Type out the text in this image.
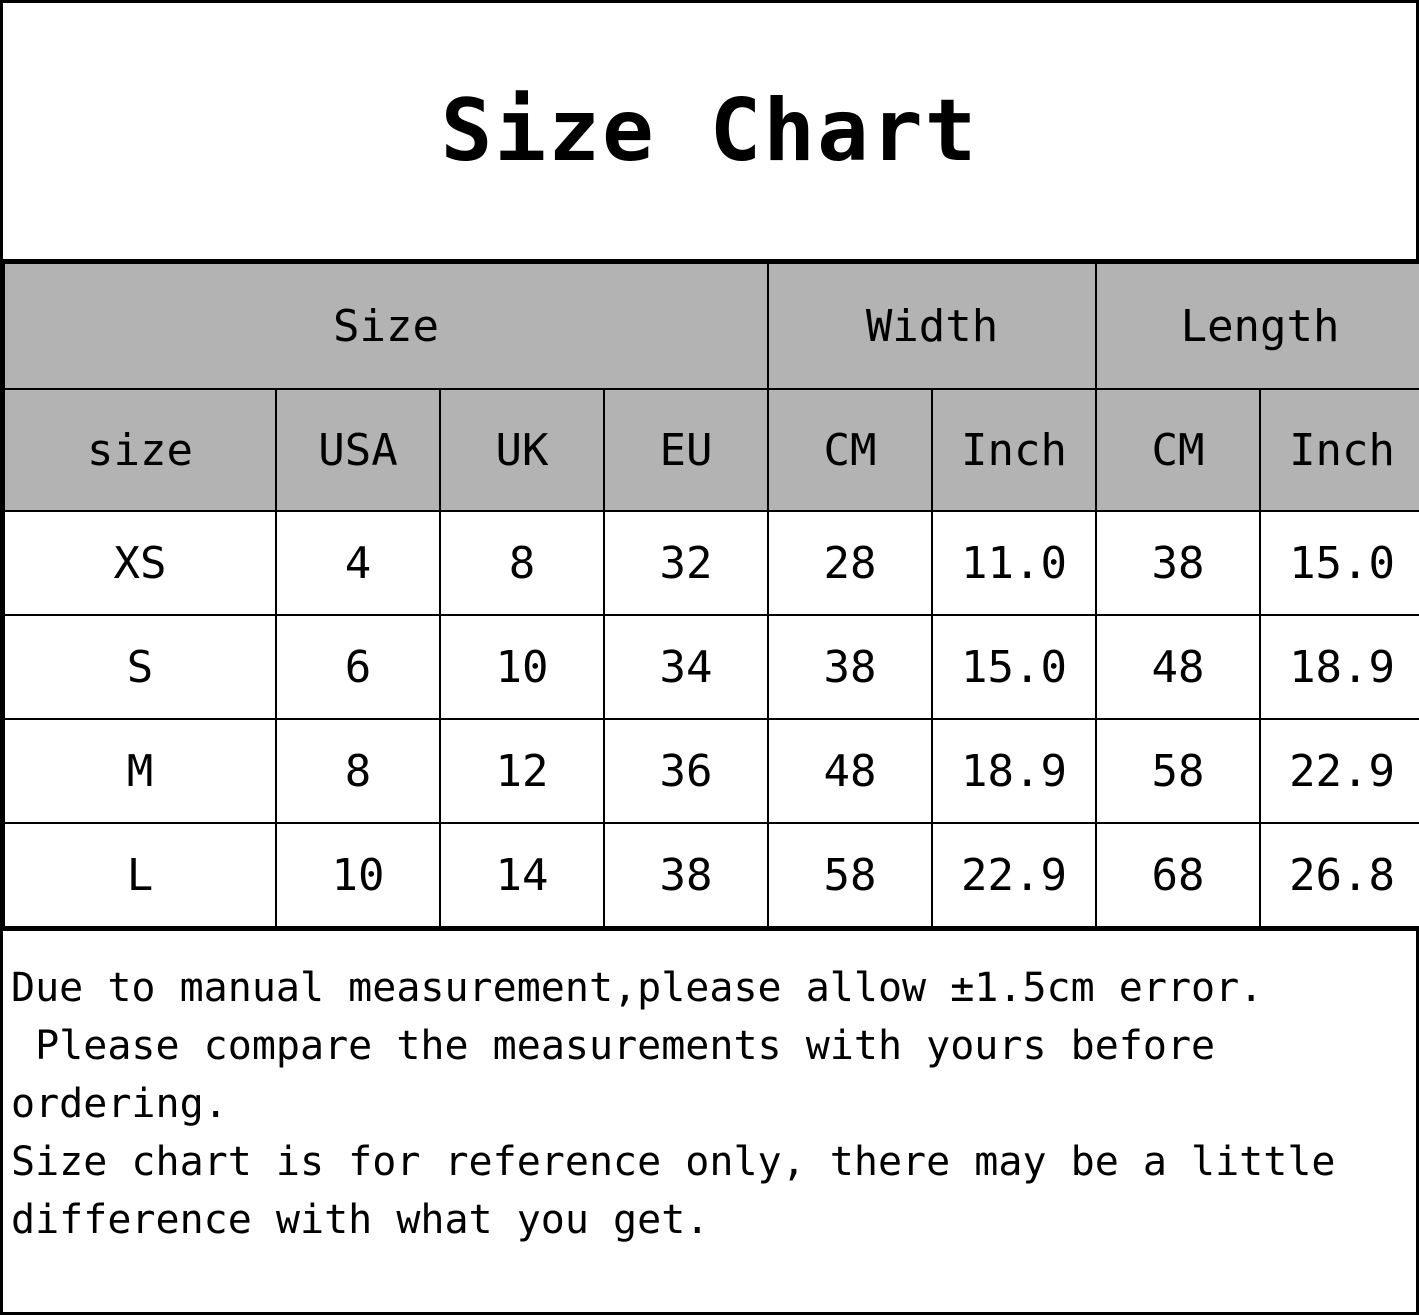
Size Chart
Size				Width		Length	
size	USA	UK	EU	CM	Inch	CM	Inch
XS	4	8	32	28	11.0	38	15.0
S	6	10	34	38	15.0	48	18.9
M	8	12	36	48	18.9	58	22.9
L	10	14	38	58	22.9	68	26.8

Due to manual measurement,please allow ±1.5cm error.

Please compare the measurements with yours before

ordering.

Size chart is for reference only, there may be a little

difference with what you get.
